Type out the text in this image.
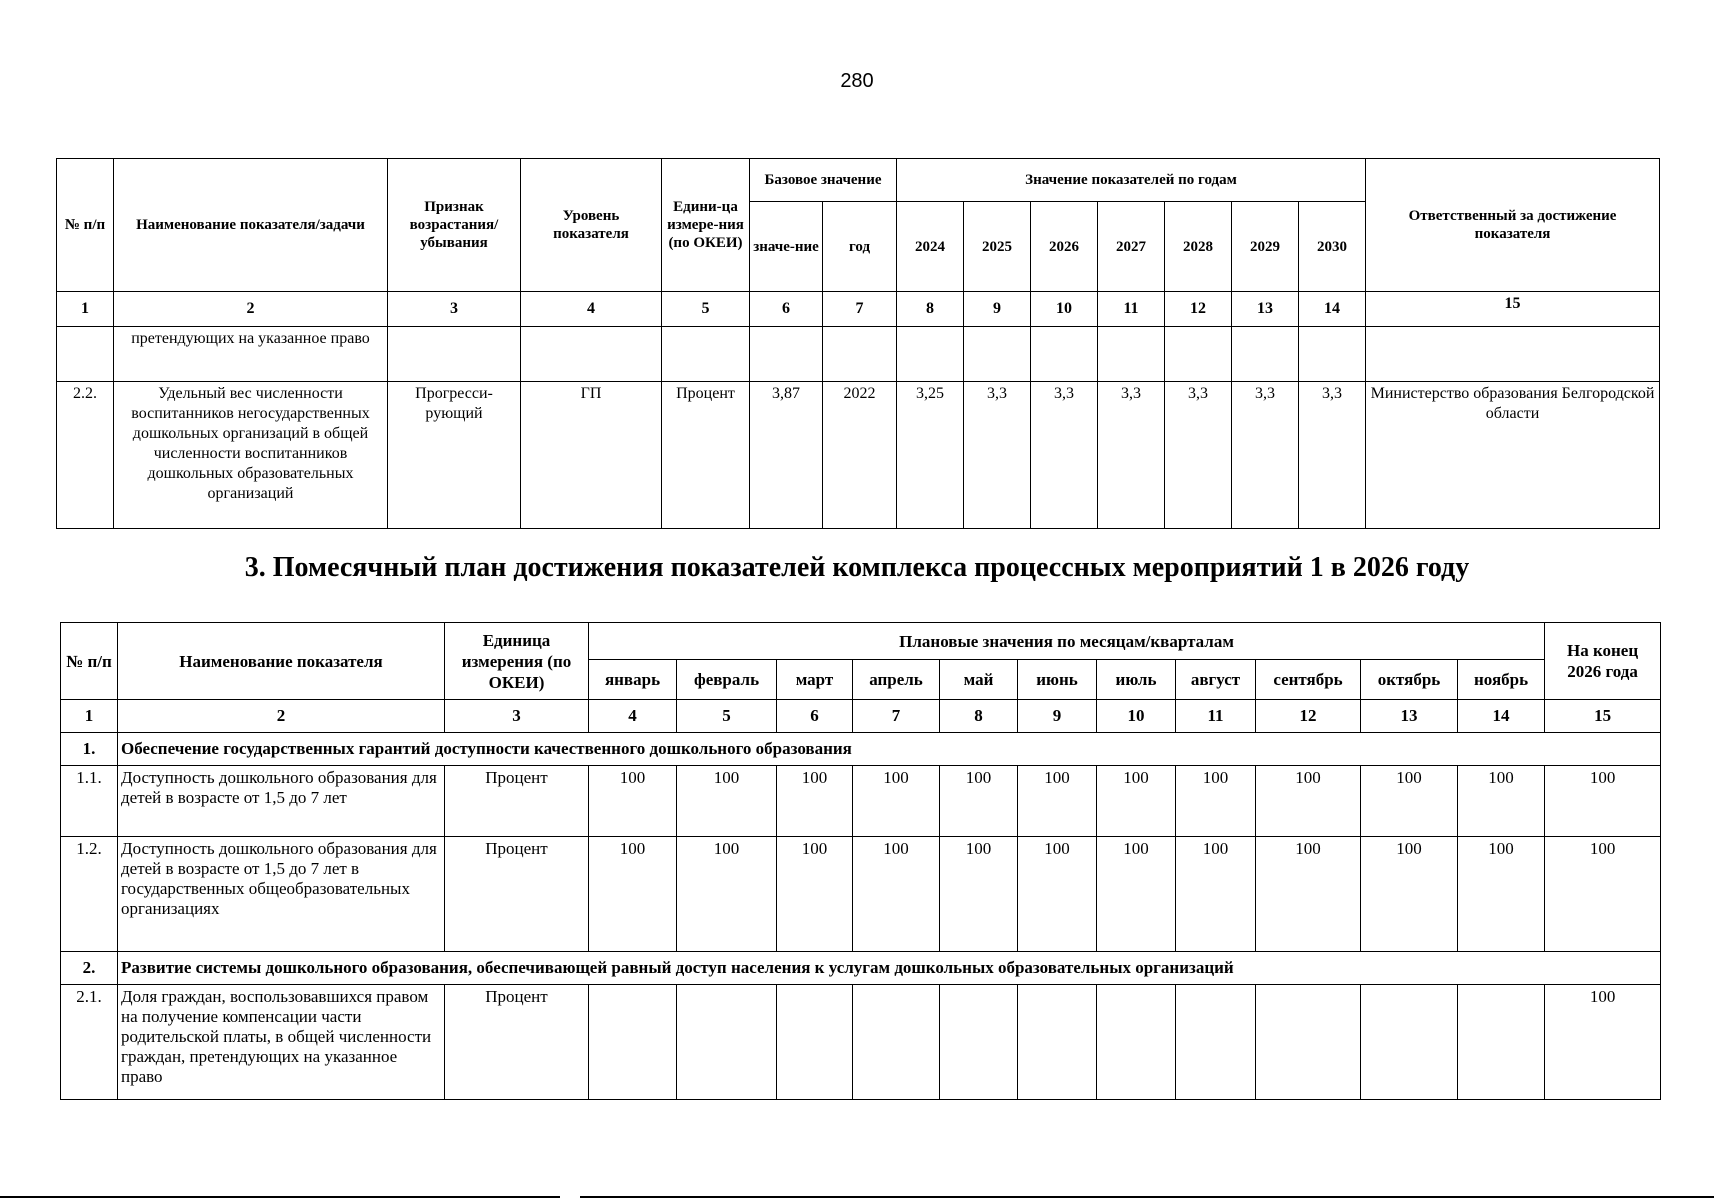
280
№ п/п	Наименование показателя/задачи	Признак возрастания/ убывания	Уровень показателя	Едини-ца измере-ния (по ОКЕИ)	Базовое значение		Значение показателей по годам							Ответственный за достижение показателя
					значе-ние	год	2024	2025	2026	2027	2028	2029	2030	
1	2	3	4	5	6	7	8	9	10	11	12	13	14	15
	претендующих на указанное право													
2.2.	Удельный вес численности воспитанников негосударственных дошкольных организаций в общей численности воспитанников дошкольных образовательных организаций	Прогресси-рующий	ГП	Процент	3,87	2022	3,25	3,3	3,3	3,3	3,3	3,3	3,3	Министерство образования Белгородской области
3. Помесячный план достижения показателей комплекса процессных мероприятий 1 в 2026 году
№ п/п	Наименование показателя	Единица измерения (по ОКЕИ)	Плановые значения по месяцам/кварталам											На конец 2026 года
			январь	февраль	март	апрель	май	июнь	июль	август	сентябрь	октябрь	ноябрь	
1	2	3	4	5	6	7	8	9	10	11	12	13	14	15
1.	Обеспечение государственных гарантий доступности качественного дошкольного образования													
1.1.	Доступность дошкольного образования для детей в возрасте от 1,5 до 7 лет	Процент	100	100	100	100	100	100	100	100	100	100	100	100
1.2.	Доступность дошкольного образования для детей в возрасте от 1,5 до 7 лет в государственных общеобразовательных организациях	Процент	100	100	100	100	100	100	100	100	100	100	100	100
2.	Развитие системы дошкольного образования, обеспечивающей равный доступ населения к услугам дошкольных образовательных организаций													
2.1.	Доля граждан, воспользовавшихся правом на получение компенсации части родительской платы, в общей численности граждан, претендующих на указанное право	Процент												100
